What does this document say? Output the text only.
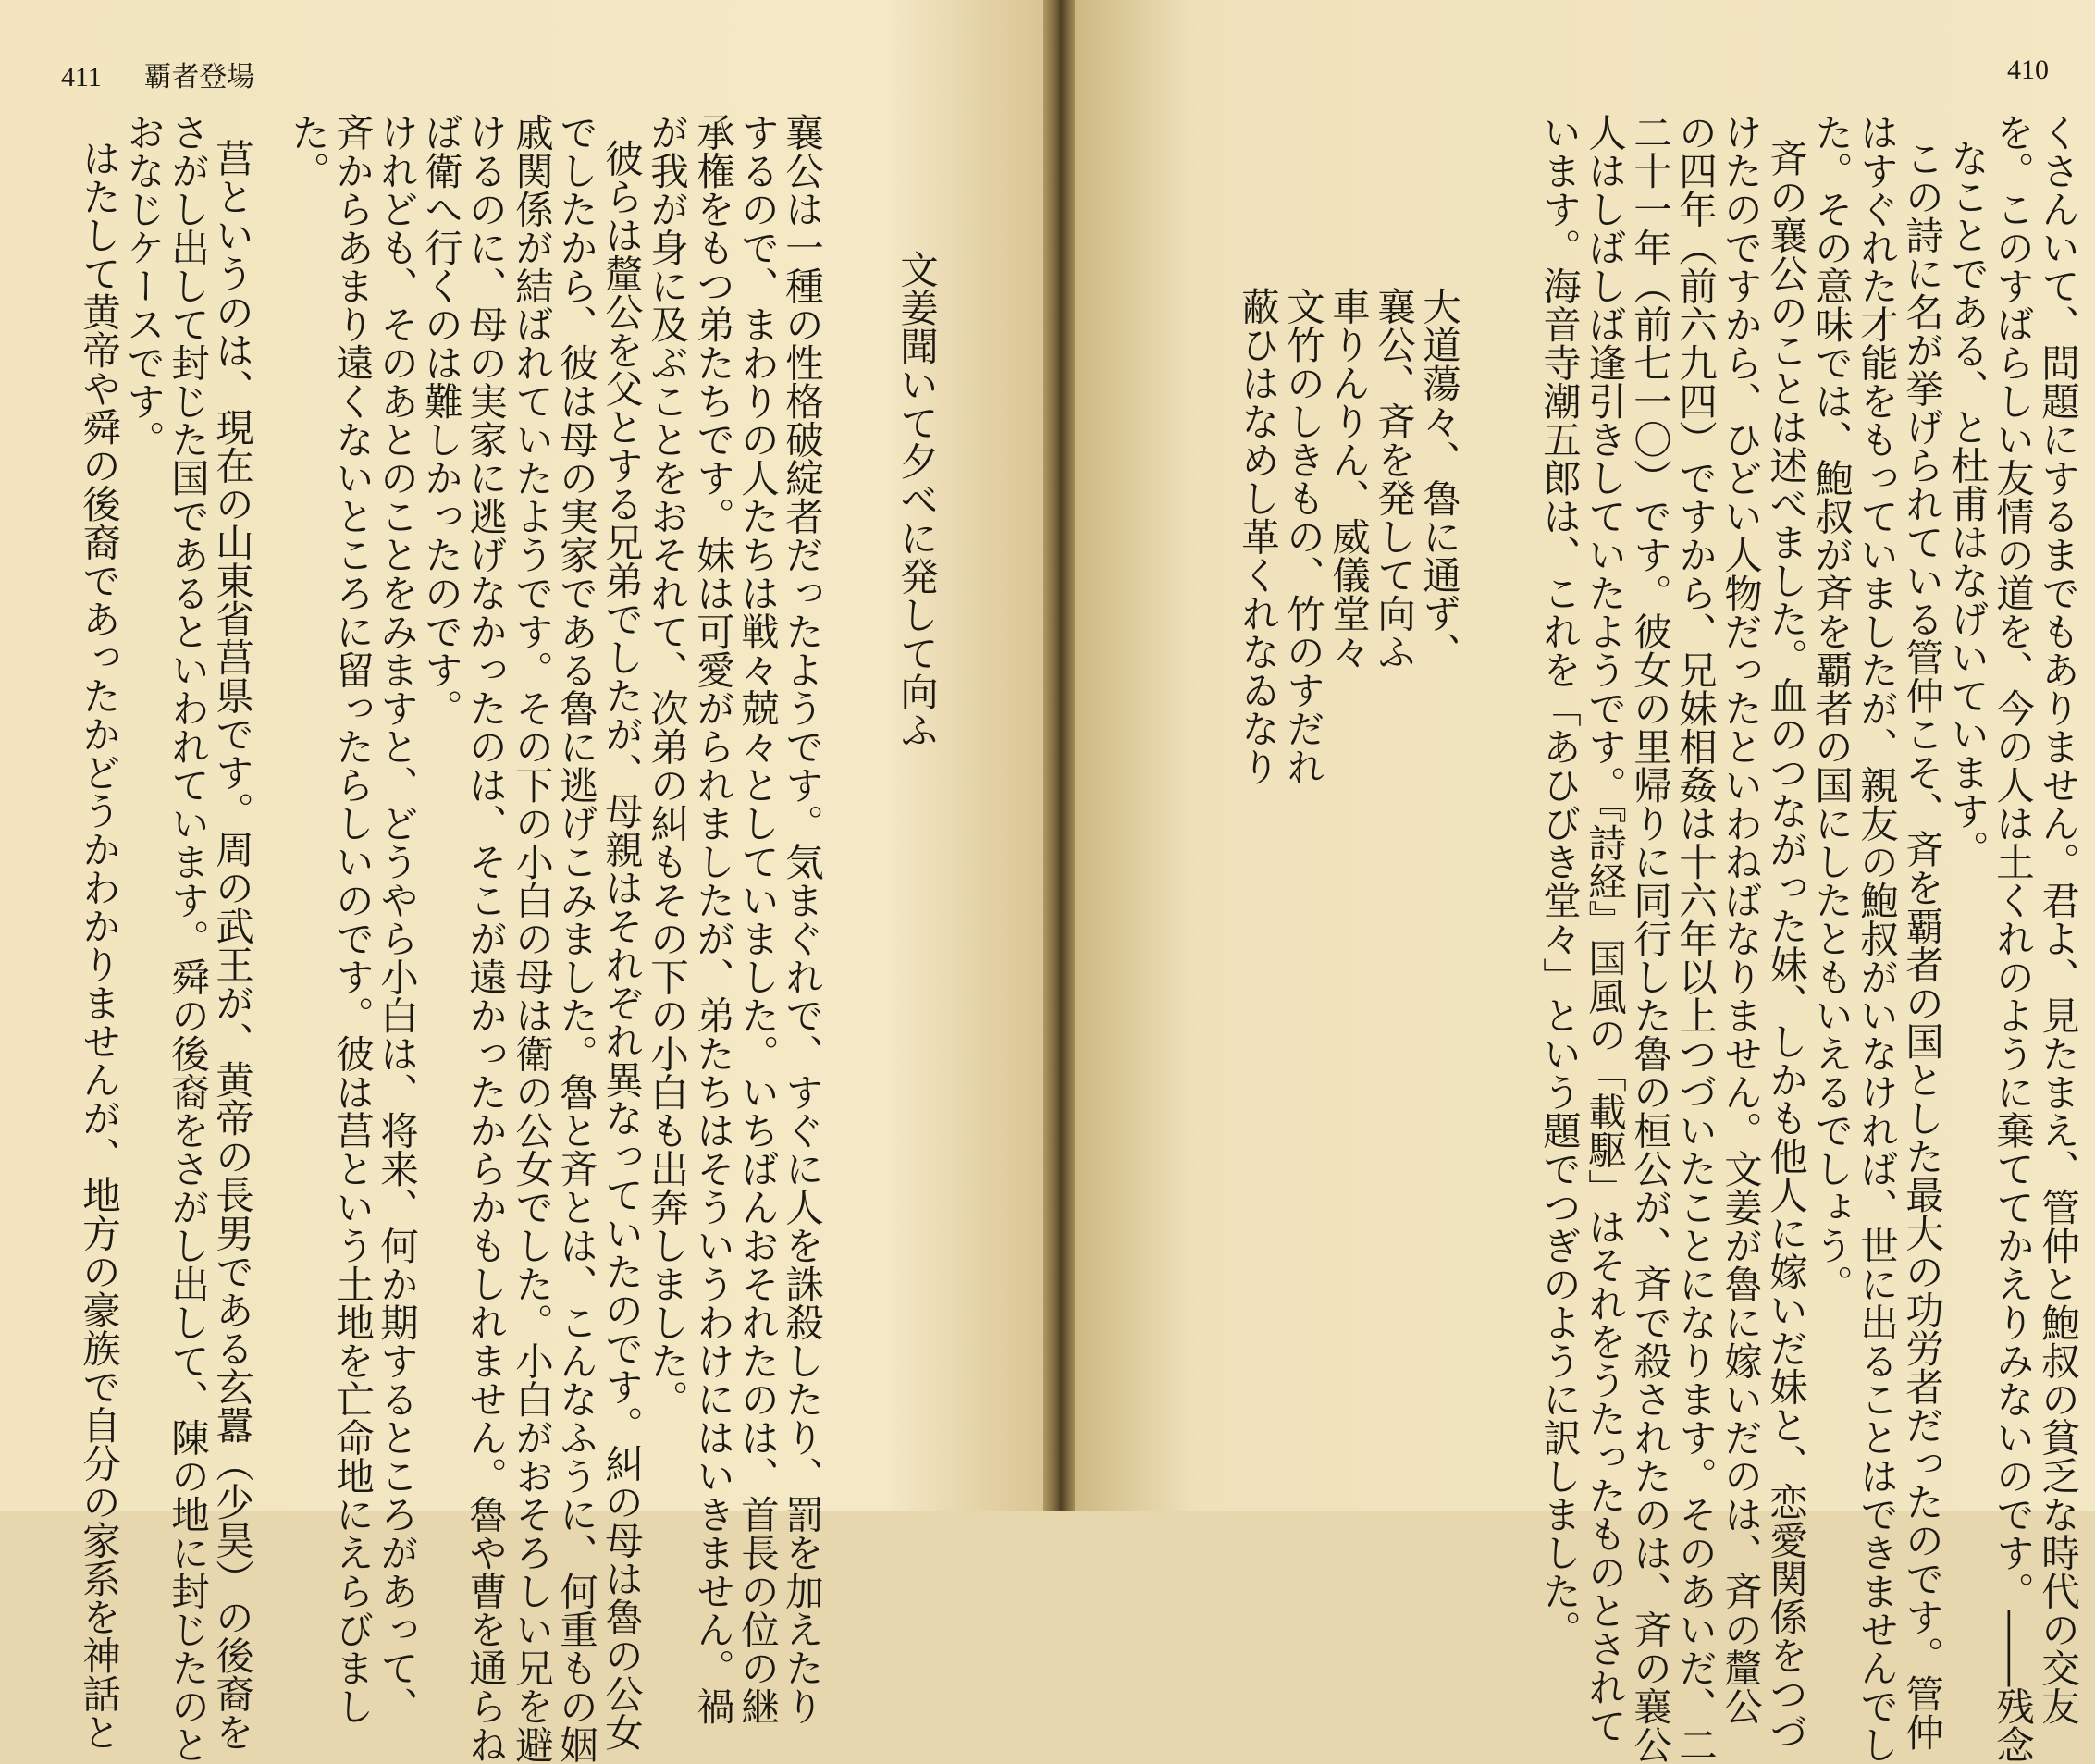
411 覇者登場
た。 斉からあまり遠くないところに留ったらしいのです。彼は莒という土地を亡命地にえらびまし けれども、そのあとのことをみますと、どうやら小白は、将来、何か期するところがあって、 ば衛へ行くのは難しかったのです。 けるのに、母の実家に逃げなかったのは、そこが遠かったからかもしれません。魯や曹を通らね 戚関係が結ばれていたようです。その下の小白の母は衛の公女でした。小白がおそろしい兄を避 でしたから、彼は母の実家である魯に逃げこみました。魯と斉とは、こんなふうに、何重もの姻 彼らは釐公を父とする兄弟でしたが、母親はそれぞれ異なっていたのです。糾の母は魯の公女 が我が身に及ぶことをおそれて、次弟の糾もその下の小白も出奔しました。 承権をもつ弟たちです。妹は可愛がられましたが、弟たちはそういうわけにはいきません。禍 するので、まわりの人たちは戦々兢々としていました。いちばんおそれたのは、首長の位の継 襄公は一種の性格破綻者だったようです。気まぐれで、すぐに人を誅殺したり、罰を加えたり 文姜聞いて夕べに発して向ふ
莒というのは、現在の山東省莒県です。周の武王が、黄帝の長男である玄囂（少昊）の後裔を
さがし出して封じた国であるといわれています。舜の後裔をさがし出して、陳の地に封じたのと
おなじケースです。
はたして黄帝や舜の後裔であったかどうかわかりませんが、地方の豪族で自分の家系を神話と
410
くさんいて、問題にするまでもありません。君よ、見たまえ、管仲と鮑叔の貧乏な時代の交友
を。このすばらしい友情の道を、今の人は土くれのように棄ててかえりみないのです。――残念
なことである、と杜甫はなげいています。
この詩に名が挙げられている管仲こそ、斉を覇者の国とした最大の功労者だったのです。管仲
はすぐれた才能をもっていましたが、親友の鮑叔がいなければ、世に出ることはできませんでし
た。その意味では、鮑叔が斉を覇者の国にしたともいえるでしょう。
斉の襄公のことは述べました。血のつながった妹、しかも他人に嫁いだ妹と、恋愛関係をつづ
けたのですから、ひどい人物だったといわねばなりません。文姜が魯に嫁いだのは、斉の釐公
の四年（前六九四）ですから、兄妹相姦は十六年以上つづいたことになります。そのあいだ、二
二十一年（前七一〇）です。彼女の里帰りに同行した魯の桓公が、斉で殺されたのは、斉の襄公
人はしばしば逢引きしていたようです。『詩経』国風の「載駆」はそれをうたったものとされて
います。海音寺潮五郎は、これを「あひびき堂々」という題でつぎのように訳しました。
大道蕩々、魯に通ず、
襄公、斉を発して向ふ
車りんりん、威儀堂々
文竹のしきもの、竹のすだれ
蔽ひはなめし革くれなゐなり
